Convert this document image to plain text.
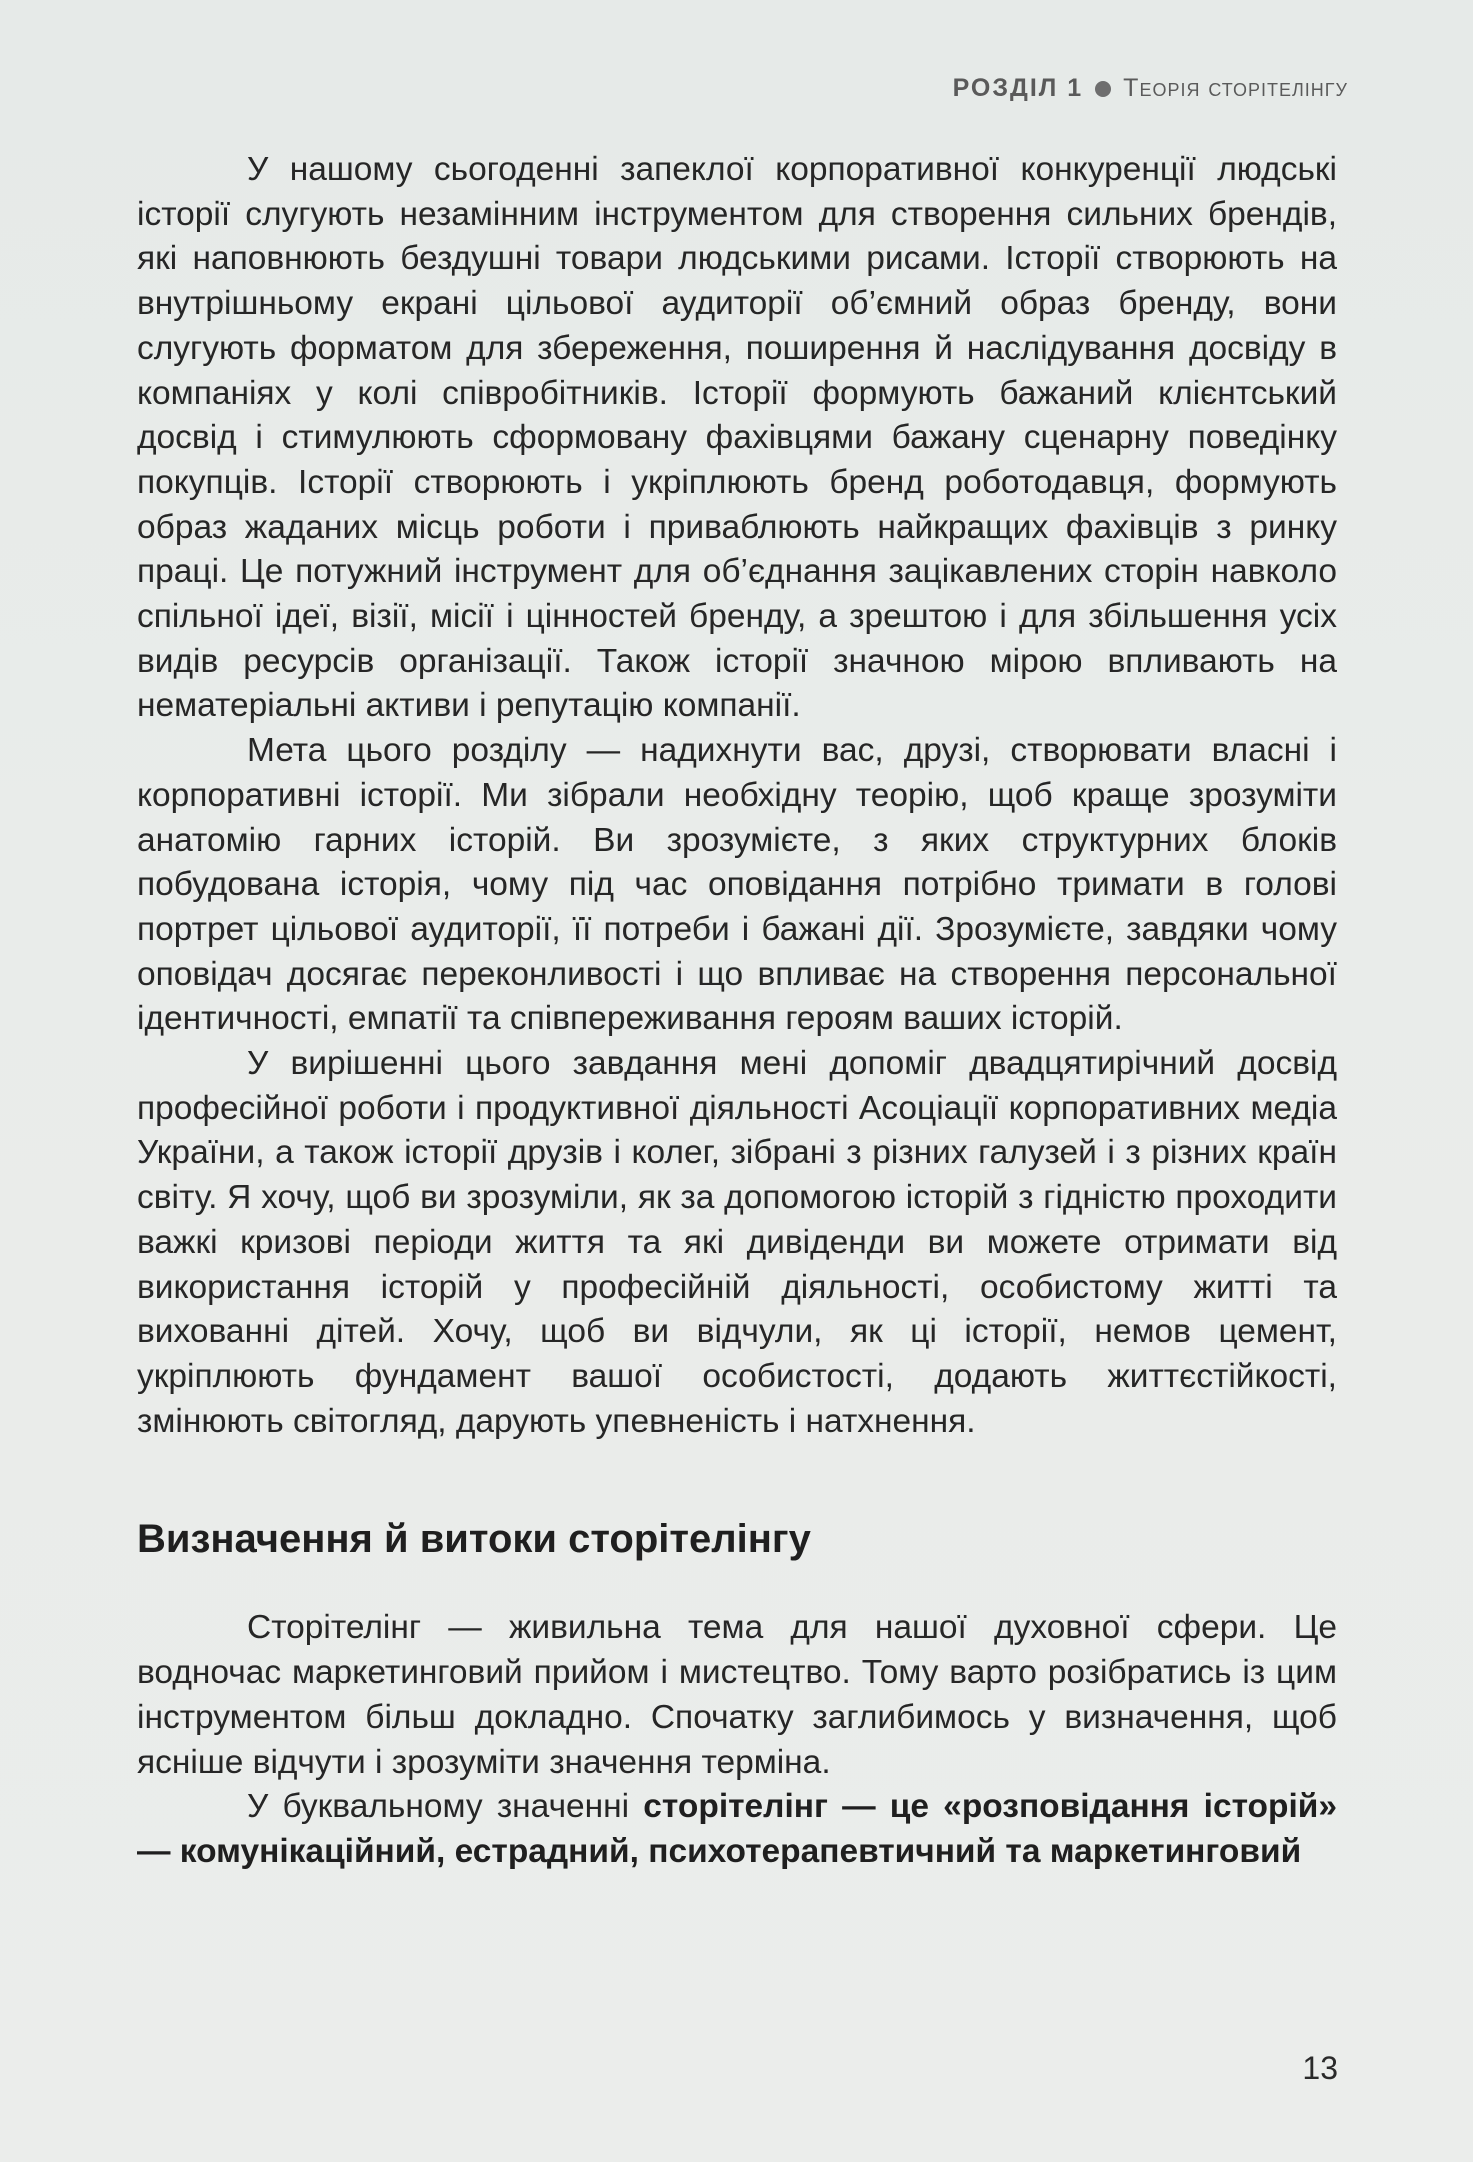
РОЗДІЛ 1 Теорія сторітелінгу

У нашому сьогоденні запеклої корпоративної конкуренції людські історії слугують незамінним інструментом для створення сильних брендів, які наповнюють бездушні товари людськими рисами. Історії створюють на внутрішньому екрані цільової аудиторії об’ємний образ бренду, вони слугують форматом для збереження, поширення й наслідування досвіду в компаніях у колі співробітників. Історії формують бажаний клієнтський досвід і стимулюють сформовану фахівцями бажану сценарну поведінку покупців. Історії створюють і укріплюють бренд роботодавця, формують образ жаданих місць роботи і приваблюють найкращих фахівців з ринку праці. Це потужний інструмент для об’єднання зацікавлених сторін навколо спільної ідеї, візії, місії і цінностей бренду, а зрештою і для збільшення усіх видів ресурсів організації. Також історії значною мірою впливають на нематеріальні активи і репутацію компанії.

Мета цього розділу — надихнути вас, друзі, створювати власні і корпоративні історії. Ми зібрали необхідну теорію, щоб краще зрозуміти анатомію гарних історій. Ви зрозумієте, з яких структурних блоків побудована історія, чому під час оповідання потрібно тримати в голові портрет цільової аудиторії, її потреби і бажані дії. Зрозумієте, завдяки чому оповідач досягає переконливості і що впливає на створення персональної ідентичності, емпатії та співпереживання героям ваших історій.

У вирішенні цього завдання мені допоміг двадцятирічний досвід професійної роботи і продуктивної діяльності Асоціації корпоративних медіа України, а також історії друзів і колег, зібрані з різних галузей і з різних країн світу. Я хочу, щоб ви зрозуміли, як за допомогою історій з гідністю проходити важкі кризові періоди життя та які дивіденди ви можете отримати від використання історій у професійній діяльності, особистому житті та вихованні дітей. Хочу, щоб ви відчули, як ці історії, немов цемент, укріплюють фундамент вашої особистості, додають життєстійкості, змінюють світогляд, дарують упевненість і натхнення.

Визначення й витоки сторітелінгу

Сторітелінг — живильна тема для нашої духовної сфери. Це водночас маркетинговий прийом і мистецтво. Тому варто розібратись із цим інструментом більш докладно. Спочатку заглибимось у визначення, щоб ясніше відчути і зрозуміти значення терміна.

У буквальному значенні сторітелінг — це «розповідання історій» — комунікаційний, естрадний, психотерапевтичний та маркетинговий

13
